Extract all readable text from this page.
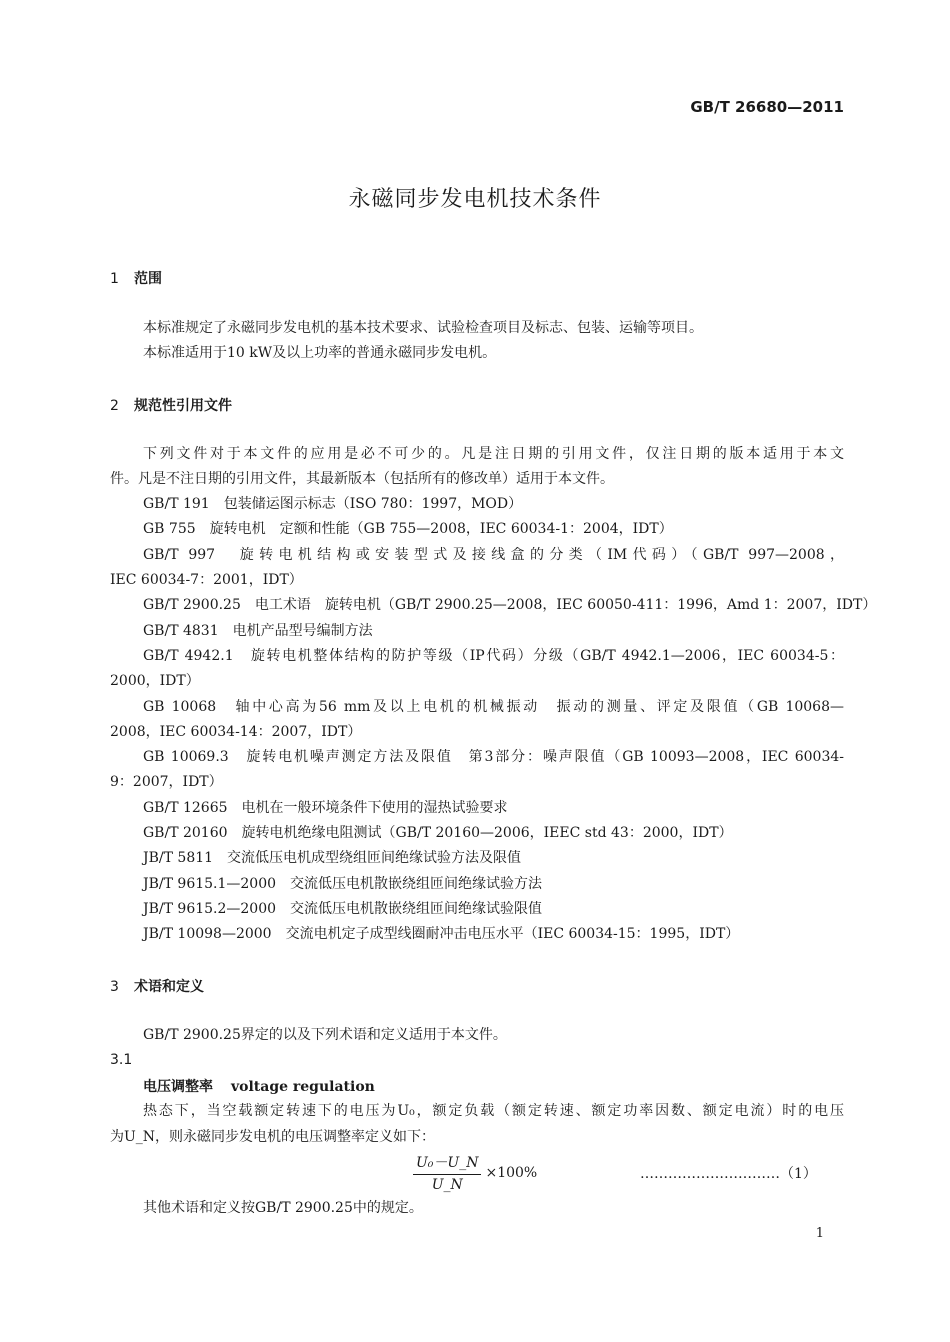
GB/T 26680—2011
永磁同步发电机技术条件
1 范围
本标准规定了永磁同步发电机的基本技术要求、试验检查项目及标志、包装、运输等项目。
本标准适用于10 kW及以上功率的普通永磁同步发电机。
2 规范性引用文件
下列文件对于本文件的应用是必不可少的。凡是注日期的引用文件，仅注日期的版本适用于本文
件。凡是不注日期的引用文件，其最新版本（包括所有的修改单）适用于本文件。
GB/T 191　包装储运图示标志（ISO 780：1997，MOD）
GB 755　旋转电机　定额和性能（GB 755—2008，IEC 60034-1：2004，IDT）
GB/T 997　旋转电机结构或安装型式及接线盒的分类（IM代码）（GB/T 997—2008，
IEC 60034-7：2001，IDT）
GB/T 2900.25　电工术语　旋转电机（GB/T 2900.25—2008，IEC 60050-411：1996，Amd 1：2007，IDT）
GB/T 4831　电机产品型号编制方法
GB/T 4942.1　旋转电机整体结构的防护等级（IP代码）分级（GB/T 4942.1—2006，IEC 60034-5：
2000，IDT）
GB 10068　轴中心高为56 mm及以上电机的机械振动　振动的测量、评定及限值（GB 10068—
2008，IEC 60034-14：2007，IDT）
GB 10069.3　旋转电机噪声测定方法及限值　第3部分：噪声限值（GB 10093—2008，IEC 60034-
9：2007，IDT）
GB/T 12665　电机在一般环境条件下使用的湿热试验要求
GB/T 20160　旋转电机绝缘电阻测试（GB/T 20160—2006，IEEC std 43：2000，IDT）
JB/T 5811　交流低压电机成型绕组匝间绝缘试验方法及限值
JB/T 9615.1—2000　交流低压电机散嵌绕组匝间绝缘试验方法
JB/T 9615.2—2000　交流低压电机散嵌绕组匝间绝缘试验限值
JB/T 10098—2000　交流电机定子成型线圈耐冲击电压水平（IEC 60034-15：1995，IDT）
3 术语和定义
GB/T 2900.25界定的以及下列术语和定义适用于本文件。
3.1
电压调整率 voltage regulation
热态下，当空载额定转速下的电压为U₀，额定负载（额定转速、额定功率因数、额定电流）时的电压
为U_N，则永磁同步发电机的电压调整率定义如下：
$\frac{\text{U₀－U\_N}}{U\_N} \times 100\%$	…………………………（1）
其他术语和定义按GB/T 2900.25中的规定。
1
